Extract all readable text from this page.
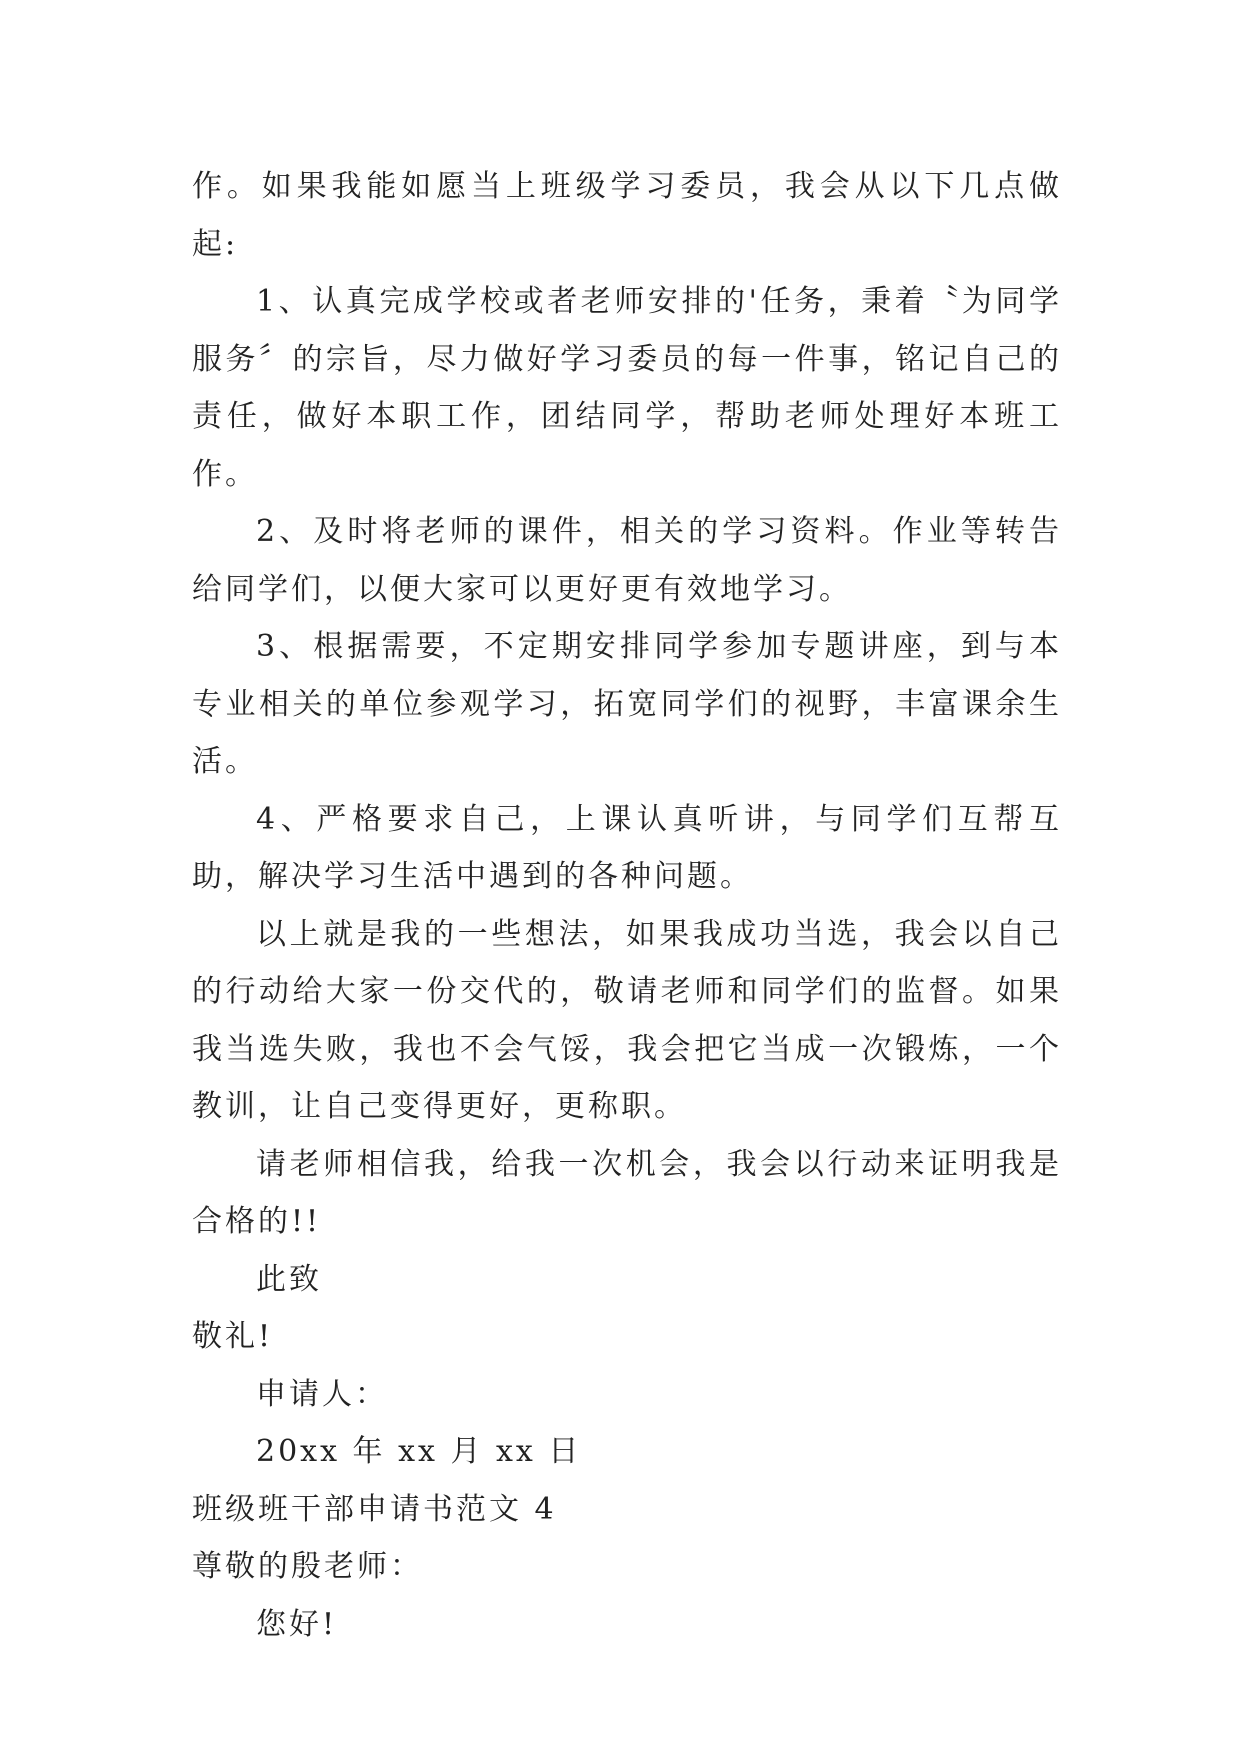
作。如果我能如愿当上班级学习委员，我会从以下几点做起:

1、认真完成学校或者老师安排的'任务，秉着〝为同学服务〞的宗旨，尽力做好学习委员的每一件事，铭记自己的责任，做好本职工作，团结同学，帮助老师处理好本班工作。

2、及时将老师的课件，相关的学习资料。作业等转告给同学们，以便大家可以更好更有效地学习。

3、根据需要，不定期安排同学参加专题讲座，到与本专业相关的单位参观学习，拓宽同学们的视野，丰富课余生活。

4、严格要求自己，上课认真听讲，与同学们互帮互助，解决学习生活中遇到的各种问题。

以上就是我的一些想法，如果我成功当选，我会以自己的行动给大家一份交代的，敬请老师和同学们的监督。如果我当选失败，我也不会气馁，我会把它当成一次锻炼，一个教训，让自己变得更好，更称职。

请老师相信我，给我一次机会，我会以行动来证明我是合格的!!

此致

敬礼!

申请人：

20xx 年 xx 月 xx 日

班级班干部申请书范文 4

尊敬的殷老师：

您好!
